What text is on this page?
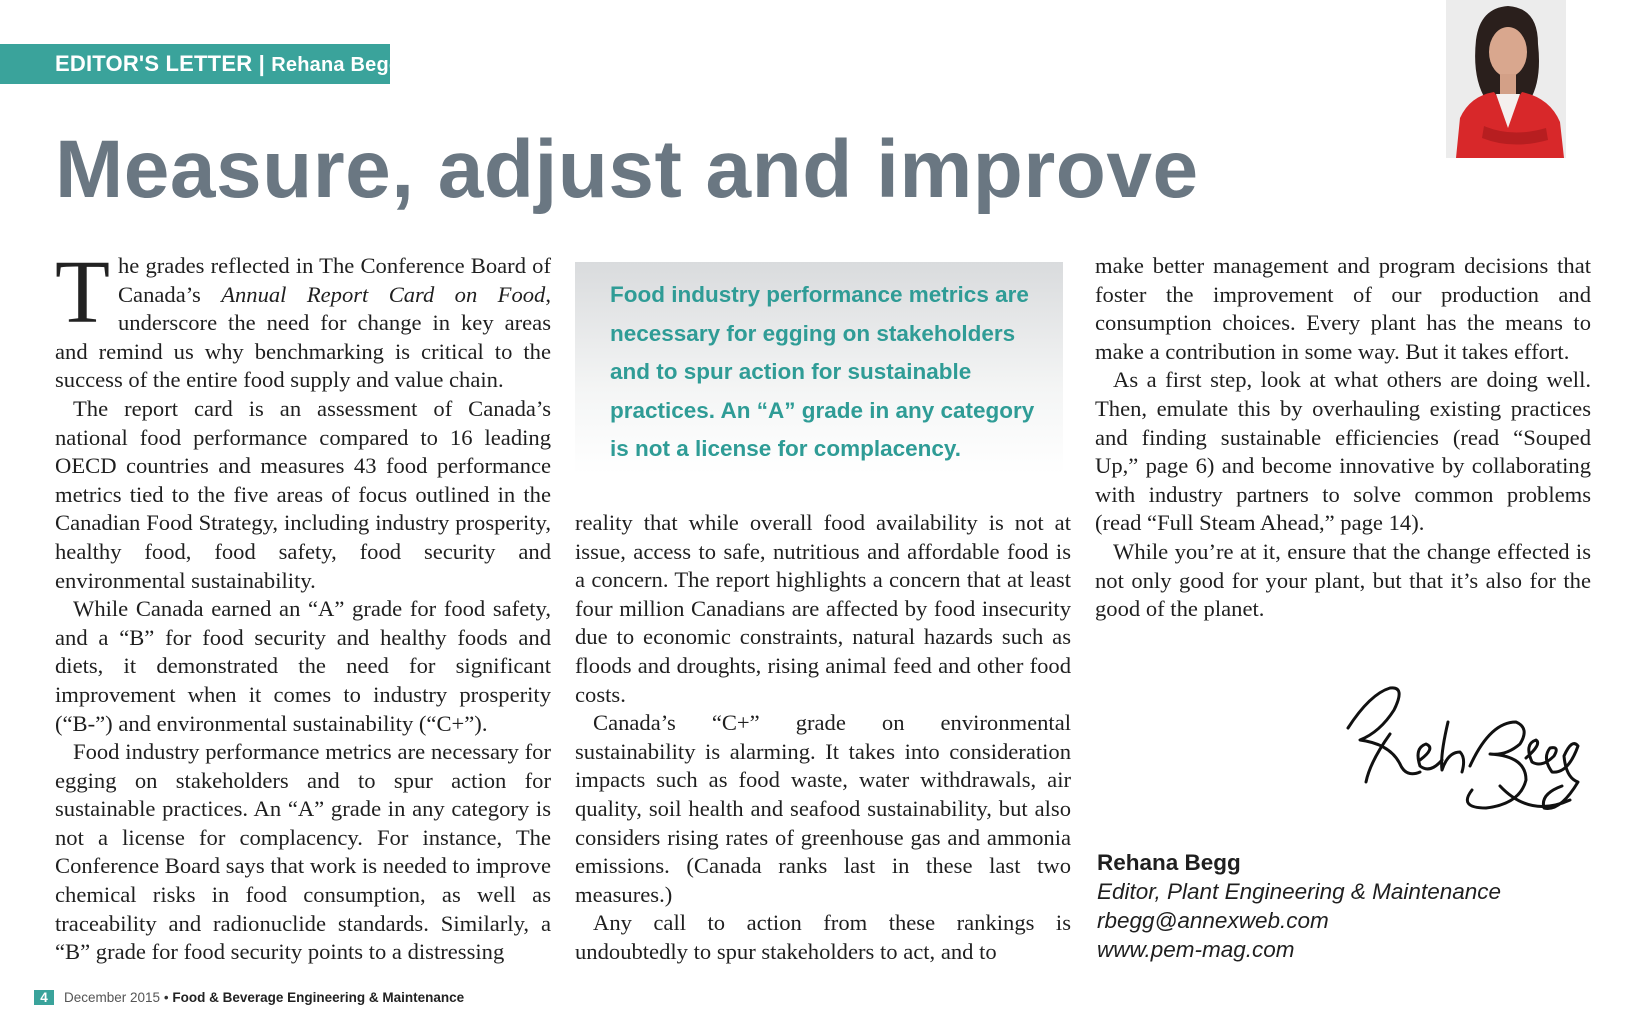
EDITOR'S LETTER | Rehana Begg
Measure, adjust and improve

The grades reflected in The Conference Board of Canada’s Annual Report Card on Food, underscore the need for change in key areas and remind us why benchmarking is critical to the success of the entire food supply and value chain.

The report card is an assessment of Canada’s national food performance compared to 16 leading OECD countries and measures 43 food performance metrics tied to the five areas of focus outlined in the Canadian Food Strategy, including industry prosperity, healthy food, food safety, food security and environmental sustainability.

While Canada earned an “A” grade for food safety, and a “B” for food security and healthy foods and diets, it demonstrated the need for significant improvement when it comes to industry prosperity (“B-”) and environmental sustainability (“C+”).

Food industry performance metrics are necessary for egging on stakeholders and to spur action for sustainable practices. An “A” grade in any category is not a license for complacency. For instance, The Conference Board says that work is needed to improve chemical risks in food consumption, as well as traceability and radionuclide standards. Similarly, a “B” grade for food security points to a distressing

Food industry performance metrics are necessary for egging on stakeholders and to spur action for sustainable practices. An “A” grade in any category is not a license for complacency.

reality that while overall food availability is not at issue, access to safe, nutritious and affordable food is a concern. The report highlights a concern that at least four million Canadians are affected by food insecurity due to economic constraints, natural hazards such as floods and droughts, rising animal feed and other food costs.

Canada’s “C+” grade on environmental sustainability is alarming. It takes into consideration impacts such as food waste, water withdrawals, air quality, soil health and seafood sustainability, but also considers rising rates of greenhouse gas and ammonia emissions. (Canada ranks last in these last two measures.)

Any call to action from these rankings is undoubtedly to spur stakeholders to act, and to

make better management and program decisions that foster the improvement of our production and consumption choices. Every plant has the means to make a contribution in some way. But it takes effort.

As a first step, look at what others are doing well. Then, emulate this by overhauling existing practices and finding sustainable efficiencies (read “Souped Up,” page 6) and become innovative by collaborating with industry partners to solve common problems (read “Full Steam Ahead,” page 14).

While you’re at it, ensure that the change effected is not only good for your plant, but that it’s also for the good of the planet.

Rehana Begg
Editor, Plant Engineering & Maintenance
rbegg@annexweb.com
www.pem-mag.com
4 December 2015 • Food & Beverage Engineering & Maintenance
